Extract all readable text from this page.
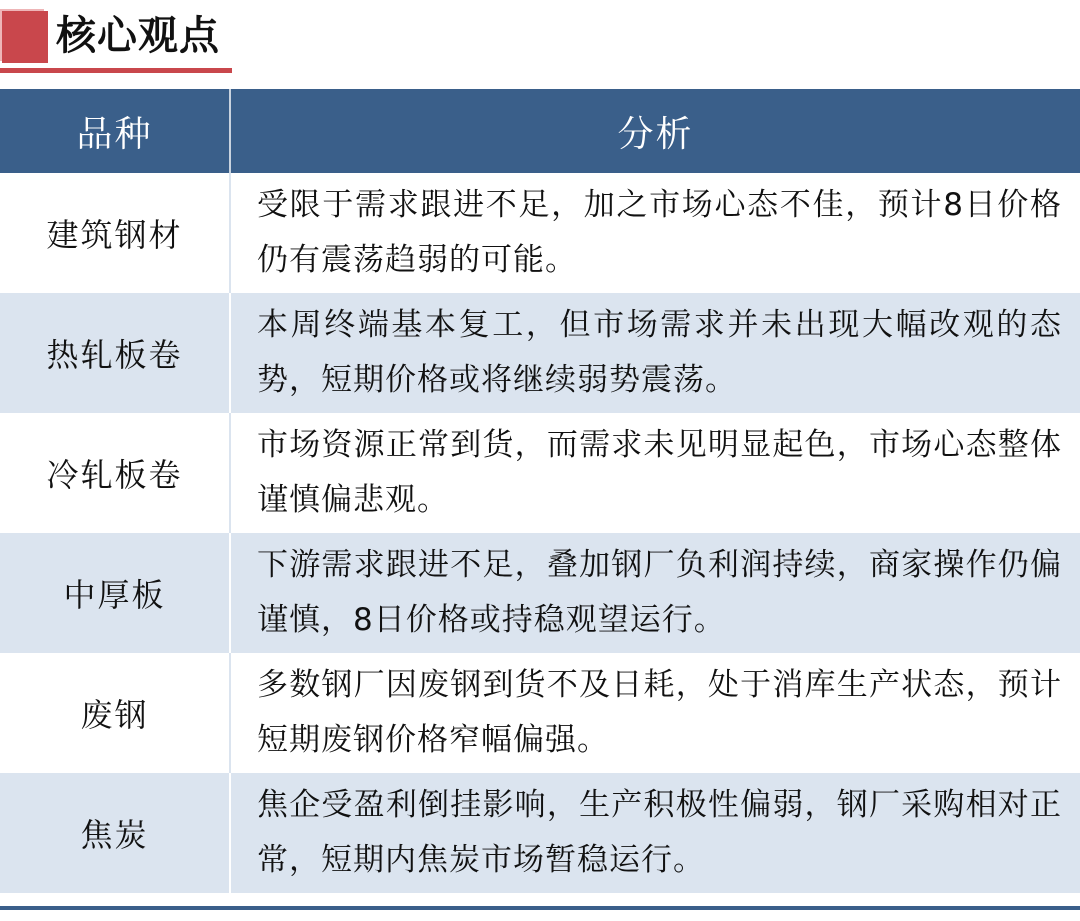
核心观点
品种	分析
建筑钢材	受限于需求跟进不足，加之市场心态不佳，预计8日价格仍有震荡趋弱的可能。
热轧板卷	本周终端基本复工，但市场需求并未出现大幅改观的态势，短期价格或将继续弱势震荡。
冷轧板卷	市场资源正常到货，而需求未见明显起色，市场心态整体谨慎偏悲观。
中厚板	下游需求跟进不足，叠加钢厂负利润持续，商家操作仍偏谨慎，8日价格或持稳观望运行。
废钢	多数钢厂因废钢到货不及日耗，处于消库生产状态，预计短期废钢价格窄幅偏强。
焦炭	焦企受盈利倒挂影响，生产积极性偏弱，钢厂采购相对正常，短期内焦炭市场暂稳运行。
